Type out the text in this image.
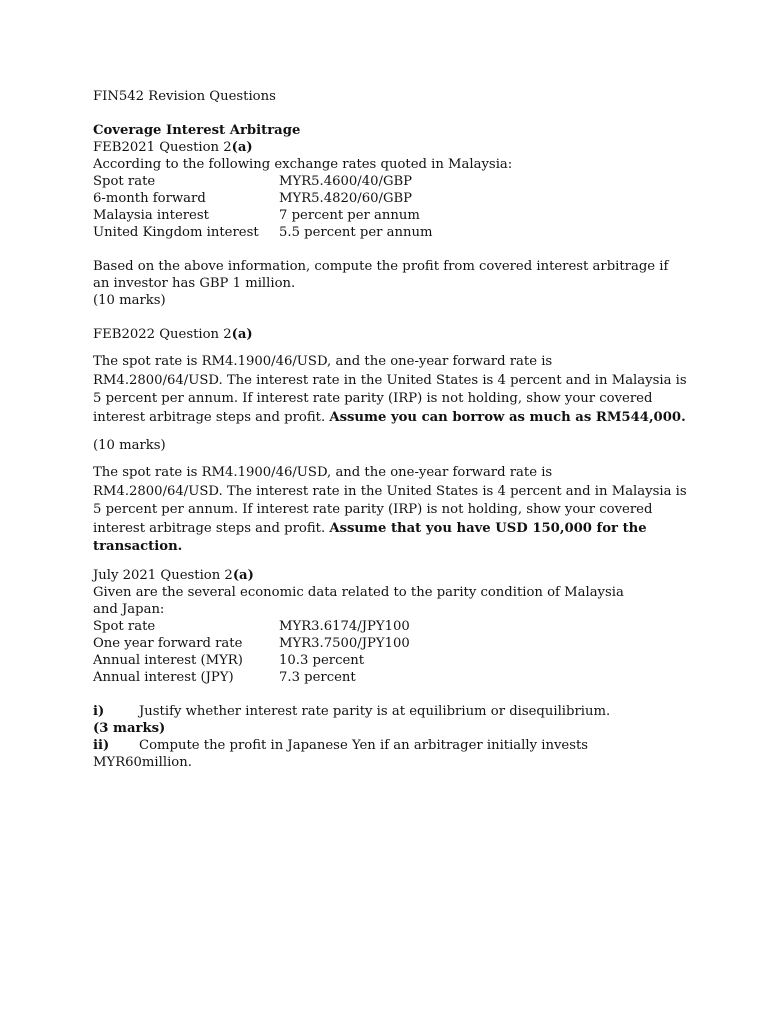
FIN542 Revision Questions
Coverage Interest Arbitrage
FEB2021 Question 2(a)
According to the following exchange rates quoted in Malaysia:
Spot rate	MYR5.4600/40/GBP
6-month forward	MYR5.4820/60/GBP
Malaysia interest	7 percent per annum
United Kingdom interest	5.5 percent per annum
Based on the above information, compute the profit from covered interest arbitrage if
an investor has GBP 1 million.
(10 marks)
FEB2022 Question 2(a)
The spot rate is RM4.1900/46/USD, and the one-year forward rate is
RM4.2800/64/USD. The interest rate in the United States is 4 percent and in Malaysia is
5 percent per annum. If interest rate parity (IRP) is not holding, show your covered
interest arbitrage steps and profit. Assume you can borrow as much as RM544,000.
(10 marks)
The spot rate is RM4.1900/46/USD, and the one-year forward rate is
RM4.2800/64/USD. The interest rate in the United States is 4 percent and in Malaysia is
5 percent per annum. If interest rate parity (IRP) is not holding, show your covered
interest arbitrage steps and profit. Assume that you have USD 150,000 for the
transaction.
July 2021 Question 2(a)
Given are the several economic data related to the parity condition of Malaysia
and Japan:
Spot rate	MYR3.6174/JPY100
One year forward rate	MYR3.7500/JPY100
Annual interest (MYR)	10.3 percent
Annual interest (JPY)	7.3 percent
i)	Justify whether interest rate parity is at equilibrium or disequilibrium.
(3 marks)
ii)	Compute the profit in Japanese Yen if an arbitrager initially invests
MYR60million.
